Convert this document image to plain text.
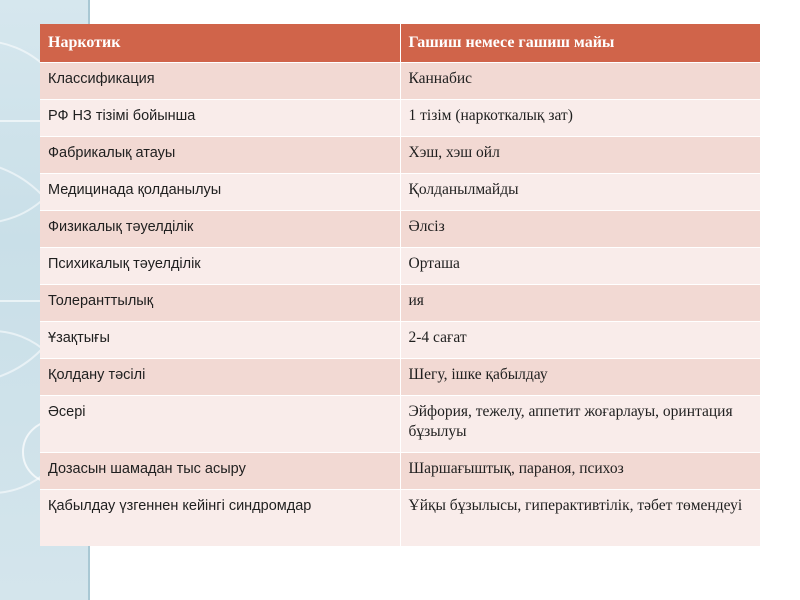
Наркотик	Гашиш немесе гашиш майы
Классификация	Каннабис
РФ НЗ тізімі бойынша	1 тізім (наркоткалық зат)
Фабрикалық атауы	Хэш, хэш ойл
Медицинада қолданылуы	Қолданылмайды
Физикалық тәуелділік	Әлсіз
Психикалық тәуелділік	Орташа
Толеранттылық	ия
Ұзақтығы	2-4 сағат
Қолдану тәсілі	Шегу, ішке қабылдау
Әсері	Эйфория, тежелу, аппетит жоғарлауы, оринтация бұзылуы
Дозасын шамадан тыс асыру	Шаршағыштық, параноя, психоз
Қабылдау үзгеннен кейінгі синдромдар	Ұйқы бұзылысы, гиперактивтілік, тәбет төмендеуі
